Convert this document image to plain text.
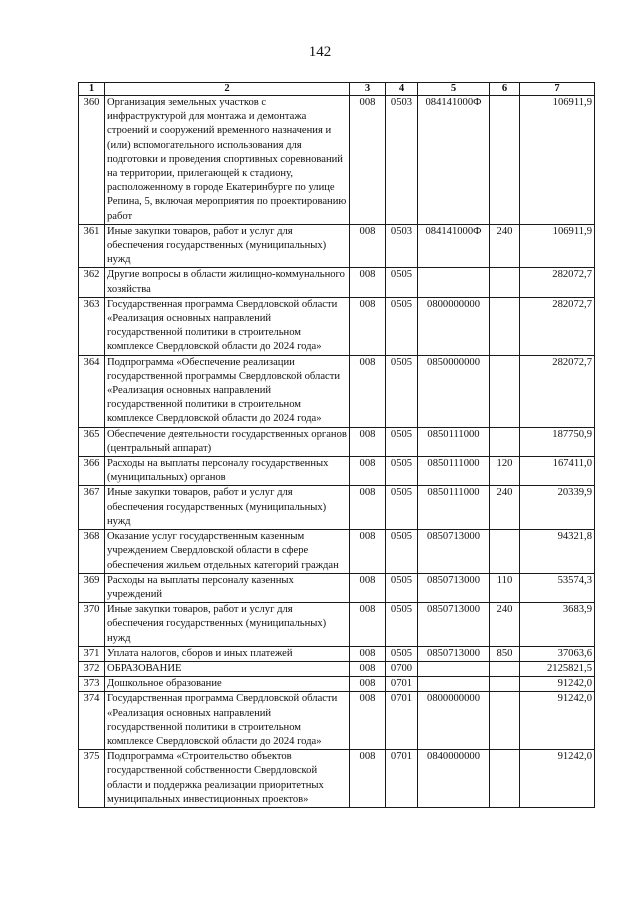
142
1	2	3	4	5	6	7
360	Организация земельных участков с инфраструктурой для монтажа и демонтажа строений и сооружений временного назначения и (или) вспомогательного использования для подготовки и проведения спортивных соревнований на территории, прилегающей к стадиону, расположенному в городе Екатеринбурге по улице Репина, 5, включая мероприятия по проектированию работ	008	0503	084141000Ф		106911,9
361	Иные закупки товаров, работ и услуг для обеспечения государственных (муниципальных) нужд	008	0503	084141000Ф	240	106911,9
362	Другие вопросы в области жилищно-коммунального хозяйства	008	0505			282072,7
363	Государственная программа Свердловской области «Реализация основных направлений государственной политики в строительном комплексе Свердловской области до 2024 года»	008	0505	0800000000		282072,7
364	Подпрограмма «Обеспечение реализации государственной программы Свердловской области «Реализация основных направлений государственной политики в строительном комплексе Свердловской области до 2024 года»	008	0505	0850000000		282072,7
365	Обеспечение деятельности государственных органов (центральный аппарат)	008	0505	0850111000		187750,9
366	Расходы на выплаты персоналу государственных (муниципальных) органов	008	0505	0850111000	120	167411,0
367	Иные закупки товаров, работ и услуг для обеспечения государственных (муниципальных) нужд	008	0505	0850111000	240	20339,9
368	Оказание услуг государственным казенным учреждением Свердловской области в сфере обеспечения жильем отдельных категорий граждан	008	0505	0850713000		94321,8
369	Расходы на выплаты персоналу казенных учреждений	008	0505	0850713000	110	53574,3
370	Иные закупки товаров, работ и услуг для обеспечения государственных (муниципальных) нужд	008	0505	0850713000	240	3683,9
371	Уплата налогов, сборов и иных платежей	008	0505	0850713000	850	37063,6
372	ОБРАЗОВАНИЕ	008	0700			2125821,5
373	Дошкольное образование	008	0701			91242,0
374	Государственная программа Свердловской области «Реализация основных направлений государственной политики в строительном комплексе Свердловской области до 2024 года»	008	0701	0800000000		91242,0
375	Подпрограмма «Строительство объектов государственной собственности Свердловской области и поддержка реализации приоритетных муниципальных инвестиционных проектов»	008	0701	0840000000		91242,0
